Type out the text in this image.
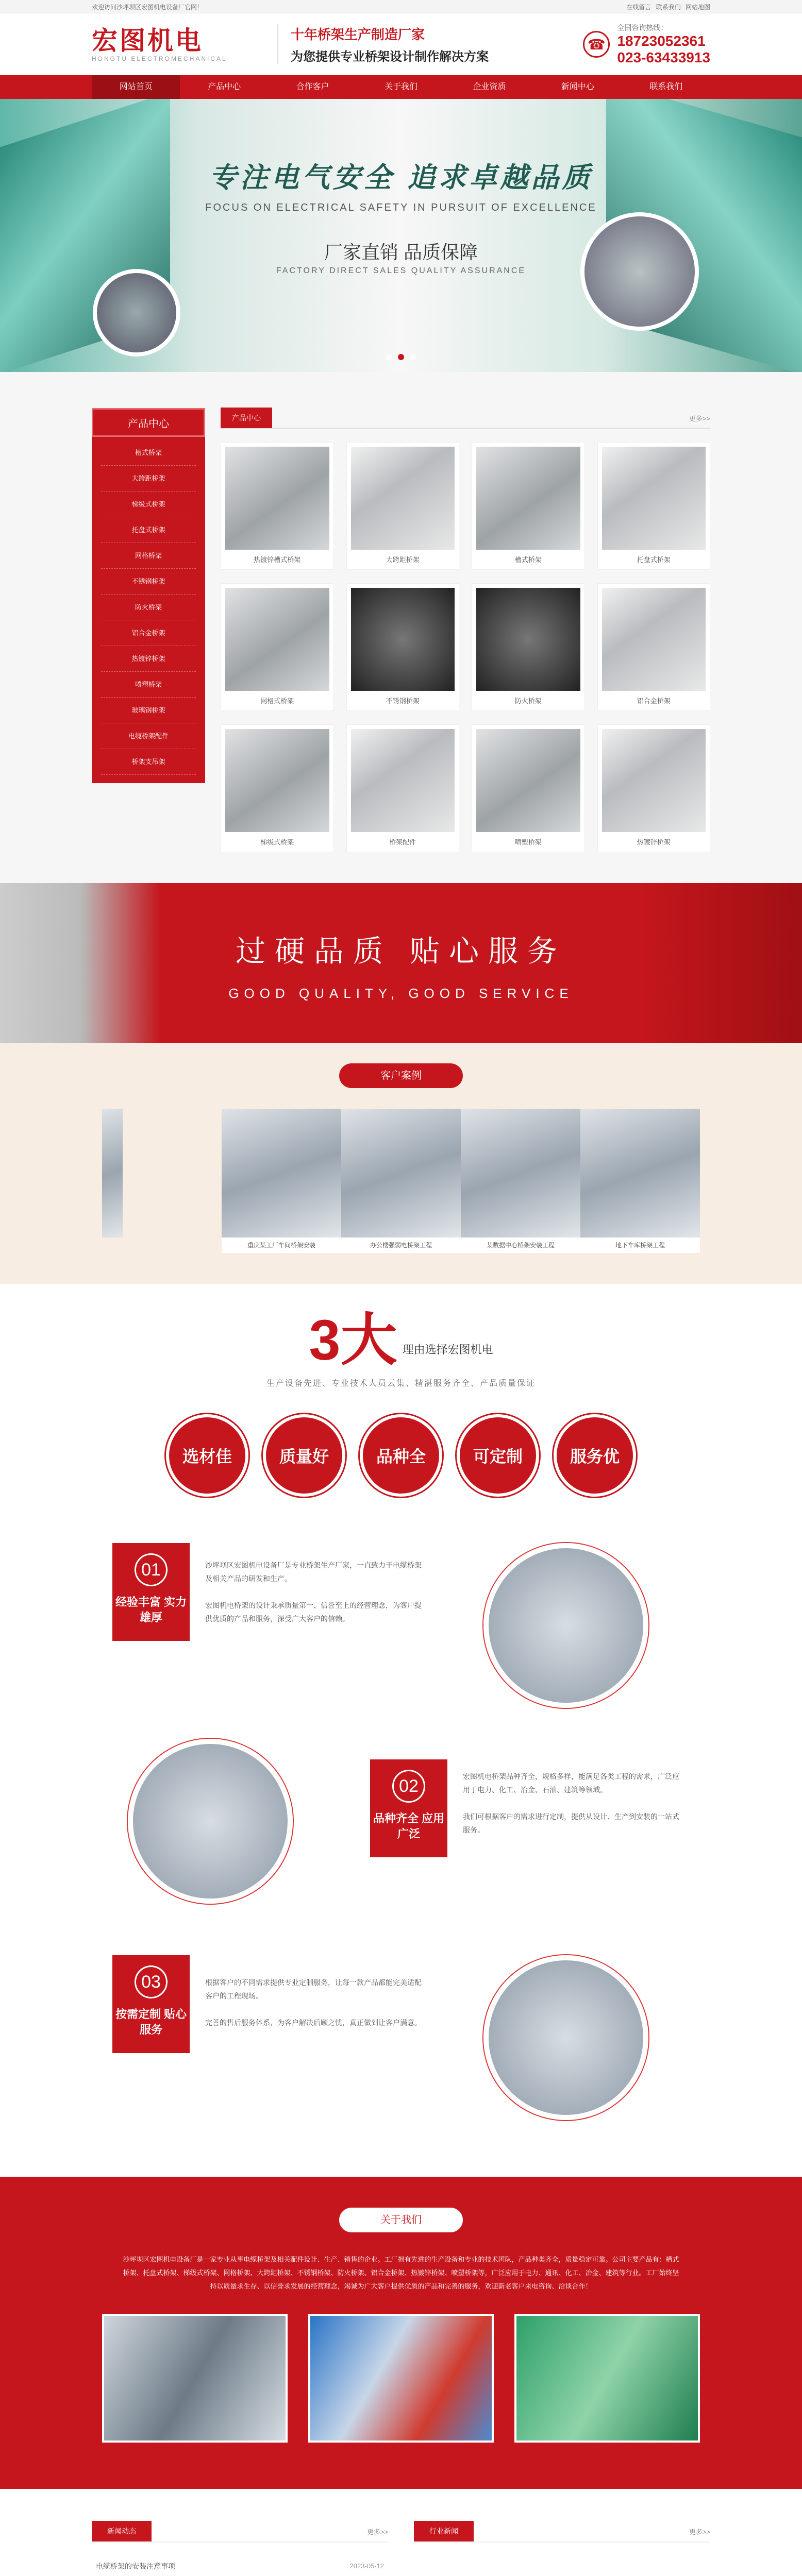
欢迎访问沙坪坝区宏图机电设备厂官网！	在线留言 联系我们 网站地图
宏图机电
HONGTU ELECTROMECHANICAL
十年桥架生产制造厂家
为您提供专业桥架设计制作解决方案
☎
全国咨询热线：
18723052361
023-63433913
网站首页	产品中心	合作客户	关于我们	企业资质	新闻中心	联系我们
专注电气安全 追求卓越品质
FOCUS ON ELECTRICAL SAFETY IN PURSUIT OF EXCELLENCE
厂家直销 品质保障
FACTORY DIRECT SALES QUALITY ASSURANCE
产品中心
槽式桥架
大跨距桥架
梯级式桥架
托盘式桥架
网格桥架
不锈钢桥架
防火桥架
铝合金桥架
热镀锌桥架
喷塑桥架
玻璃钢桥架
电缆桥架配件
桥架支吊架
产品中心	更多>>
热镀锌槽式桥架	大跨距桥架	槽式桥架	托盘式桥架
网格式桥架	不锈钢桥架	防火桥架	铝合金桥架
梯级式桥架	桥架配件	喷塑桥架	热镀锌桥架
过硬品质 贴心服务
GOOD QUALITY, GOOD SERVICE
客户案例
重庆某工厂车间桥架安装	办公楼强弱电桥架工程	某数据中心桥架安装工程	地下车库桥架工程
3 大 理由选择宏图机电
生产设备先进、专业技术人员云集、精湛服务齐全、产品质量保证
选材佳	质量好	品种全	可定制	服务优
01
经验丰富 实力雄厚
沙坪坝区宏图机电设备厂是专业桥架生产厂家，一直致力于电缆桥架及相关产品的研发和生产。

宏图机电桥架的设计秉承质量第一、信誉至上的经营理念，为客户提供优质的产品和服务，深受广大客户的信赖。
02
品种齐全 应用广泛
宏图机电桥架品种齐全，规格多样，能满足各类工程的需求，广泛应用于电力、化工、冶金、石油、建筑等领域。

我们可根据客户的需求进行定制，提供从设计、生产到安装的一站式服务。
03
按需定制 贴心服务
根据客户的不同需求提供专业定制服务，让每一款产品都能完美适配客户的工程现场。

完善的售后服务体系，为客户解决后顾之忧，真正做到让客户满意。
关于我们
沙坪坝区宏图机电设备厂是一家专业从事电缆桥架及相关配件设计、生产、销售的企业。工厂拥有先进的生产设备和专业的技术团队，产品种类齐全，质量稳定可靠。公司主要产品有：槽式桥架、托盘式桥架、梯级式桥架、网格桥架、大跨距桥架、不锈钢桥架、防火桥架、铝合金桥架、热镀锌桥架、喷塑桥架等，广泛应用于电力、通讯、化工、冶金、建筑等行业。工厂始终坚持以质量求生存、以信誉求发展的经营理念，竭诚为广大客户提供优质的产品和完善的服务，欢迎新老客户来电咨询、洽谈合作！
新闻动态	更多>>
电缆桥架的安装注意事项	2023-05-12
行业新闻	更多>>
